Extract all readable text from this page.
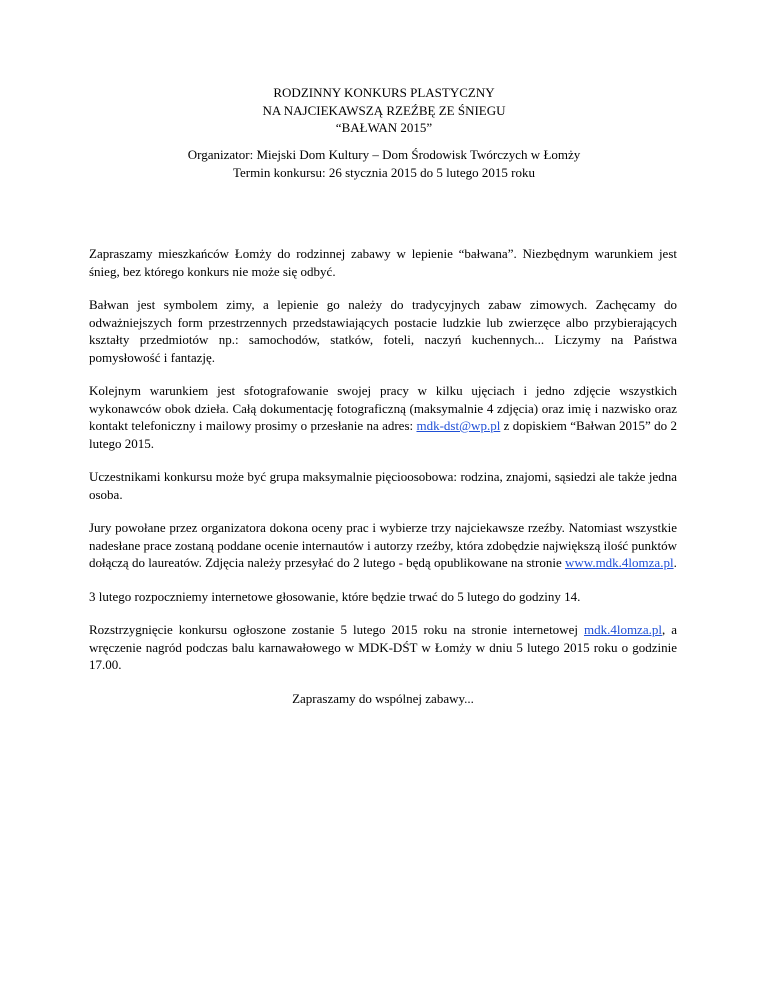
RODZINNY KONKURS PLASTYCZNY
NA NAJCIEKAWSZĄ RZEŹBĘ ZE ŚNIEGU
“BAŁWAN 2015”
Organizator: Miejski Dom Kultury – Dom Środowisk Twórczych w Łomży
Termin konkursu: 26 stycznia 2015 do 5 lutego 2015 roku

Zapraszamy mieszkańców Łomży do rodzinnej zabawy w lepienie “bałwana”. Niezbędnym warunkiem jest śnieg, bez którego konkurs nie może się odbyć.

Bałwan jest symbolem zimy, a lepienie go należy do tradycyjnych zabaw zimowych. Zachęcamy do odważniejszych form przestrzennych przedstawiających postacie ludzkie lub zwierzęce albo przybierających kształty przedmiotów np.: samochodów, statków, foteli, naczyń kuchennych... Liczymy na Państwa pomysłowość i fantazję.

Kolejnym warunkiem jest sfotografowanie swojej pracy w kilku ujęciach i jedno zdjęcie wszystkich wykonawców obok dzieła. Całą dokumentację fotograficzną (maksymalnie 4 zdjęcia) oraz imię i nazwisko oraz kontakt telefoniczny i mailowy prosimy o przesłanie na adres: mdk-dst@wp.pl z dopiskiem “Bałwan 2015” do 2 lutego 2015.

Uczestnikami konkursu może być grupa maksymalnie pięcioosobowa: rodzina, znajomi, sąsiedzi ale także jedna osoba.

Jury powołane przez organizatora dokona oceny prac i wybierze trzy najciekawsze rzeźby. Natomiast wszystkie nadesłane prace zostaną poddane ocenie internautów i autorzy rzeźby, która zdobędzie największą ilość punktów dołączą do laureatów. Zdjęcia należy przesyłać do 2 lutego - będą opublikowane na stronie www.mdk.4lomza.pl.

3 lutego rozpoczniemy internetowe głosowanie, które będzie trwać do 5 lutego do godziny 14.

Rozstrzygnięcie konkursu ogłoszone zostanie 5 lutego 2015 roku na stronie internetowej mdk.4lomza.pl, a wręczenie nagród podczas balu karnawałowego w MDK-DŚT w Łomży w dniu 5 lutego 2015 roku o godzinie 17.00.

Zapraszamy do wspólnej zabawy...
